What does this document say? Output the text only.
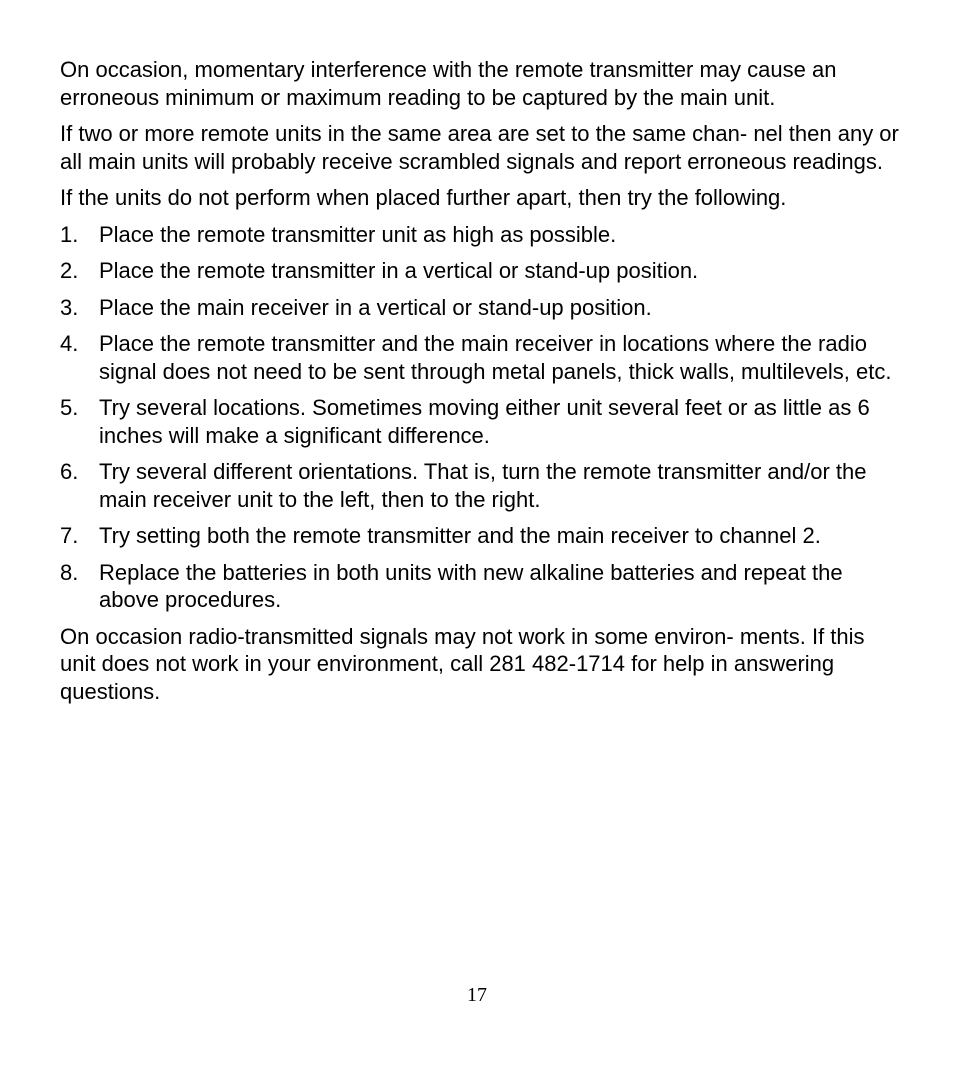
On occasion, momentary interference with the remote transmitter may cause an erroneous minimum or maximum reading to be captured by the main unit.

If two or more remote units in the same area are set to the same chan- nel then any or all main units will probably receive scrambled signals and report erroneous readings.

If the units do not perform when placed further apart, then try the following.

1. Place the remote transmitter unit as high as possible.
2. Place the remote transmitter in a vertical or stand-up position.
3. Place the main receiver in a vertical or stand-up position.
4. Place the remote transmitter and the main receiver in locations where the radio signal does not need to be sent through metal panels, thick walls, multilevels, etc.
5. Try several locations. Sometimes moving either unit several feet or as little as 6 inches will make a significant difference.
6. Try several different orientations. That is, turn the remote transmitter and/or the main receiver unit to the left, then to the right.
7. Try setting both the remote transmitter and the main receiver to channel 2.
8. Replace the batteries in both units with new alkaline batteries and repeat the above procedures.

On occasion radio-transmitted signals may not work in some environ- ments. If this unit does not work in your environment, call 281 482-1714 for help in answering questions.

17
